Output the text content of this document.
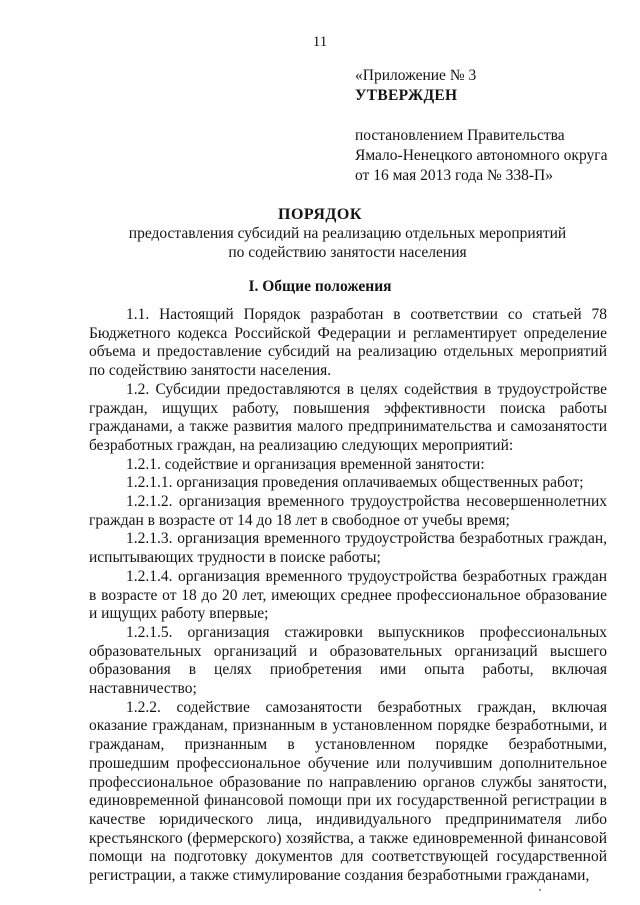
11
«Приложение № 3
УТВЕРЖДЕН
постановлением Правительства
Ямало-Ненецкого автономного округа
от 16 мая 2013 года № 338-П»
ПОРЯДОК
предоставления субсидий на реализацию отдельных мероприятий по содействию занятости населения
I. Общие положения

1.1. Настоящий Порядок разработан в соответствии со статьей 78 Бюджетного кодекса Российской Федерации и регламентирует определение объема и предоставление субсидий на реализацию отдельных мероприятий по содействию занятости населения.

1.2. Субсидии предоставляются в целях содействия в трудоустройстве граждан, ищущих работу, повышения эффективности поиска работы гражданами, а также развития малого предпринимательства и самозанятости безработных граждан, на реализацию следующих мероприятий:

1.2.1. содействие и организация временной занятости:

1.2.1.1. организация проведения оплачиваемых общественных работ;

1.2.1.2. организация временного трудоустройства несовершеннолетних граждан в возрасте от 14 до 18 лет в свободное от учебы время;

1.2.1.3. организация временного трудоустройства безработных граждан, испытывающих трудности в поиске работы;

1.2.1.4. организация временного трудоустройства безработных граждан в возрасте от 18 до 20 лет, имеющих среднее профессиональное образование и ищущих работу впервые;

1.2.1.5. организация стажировки выпускников профессиональных образовательных организаций и образовательных организаций высшего образования в целях приобретения ими опыта работы, включая наставничество;

1.2.2. содействие самозанятости безработных граждан, включая оказание гражданам, признанным в установленном порядке безработными, и гражданам, признанным в установленном порядке безработными, прошедшим профессиональное обучение или получившим дополнительное профессиональное образование по направлению органов службы занятости, единовременной финансовой помощи при их государственной регистрации в качестве юридического лица, индивидуального предпринимателя либо крестьянского (фермерского) хозяйства, а также единовременной финансовой помощи на подготовку документов для соответствующей государственной регистрации, а также стимулирование создания безработными гражданами,
